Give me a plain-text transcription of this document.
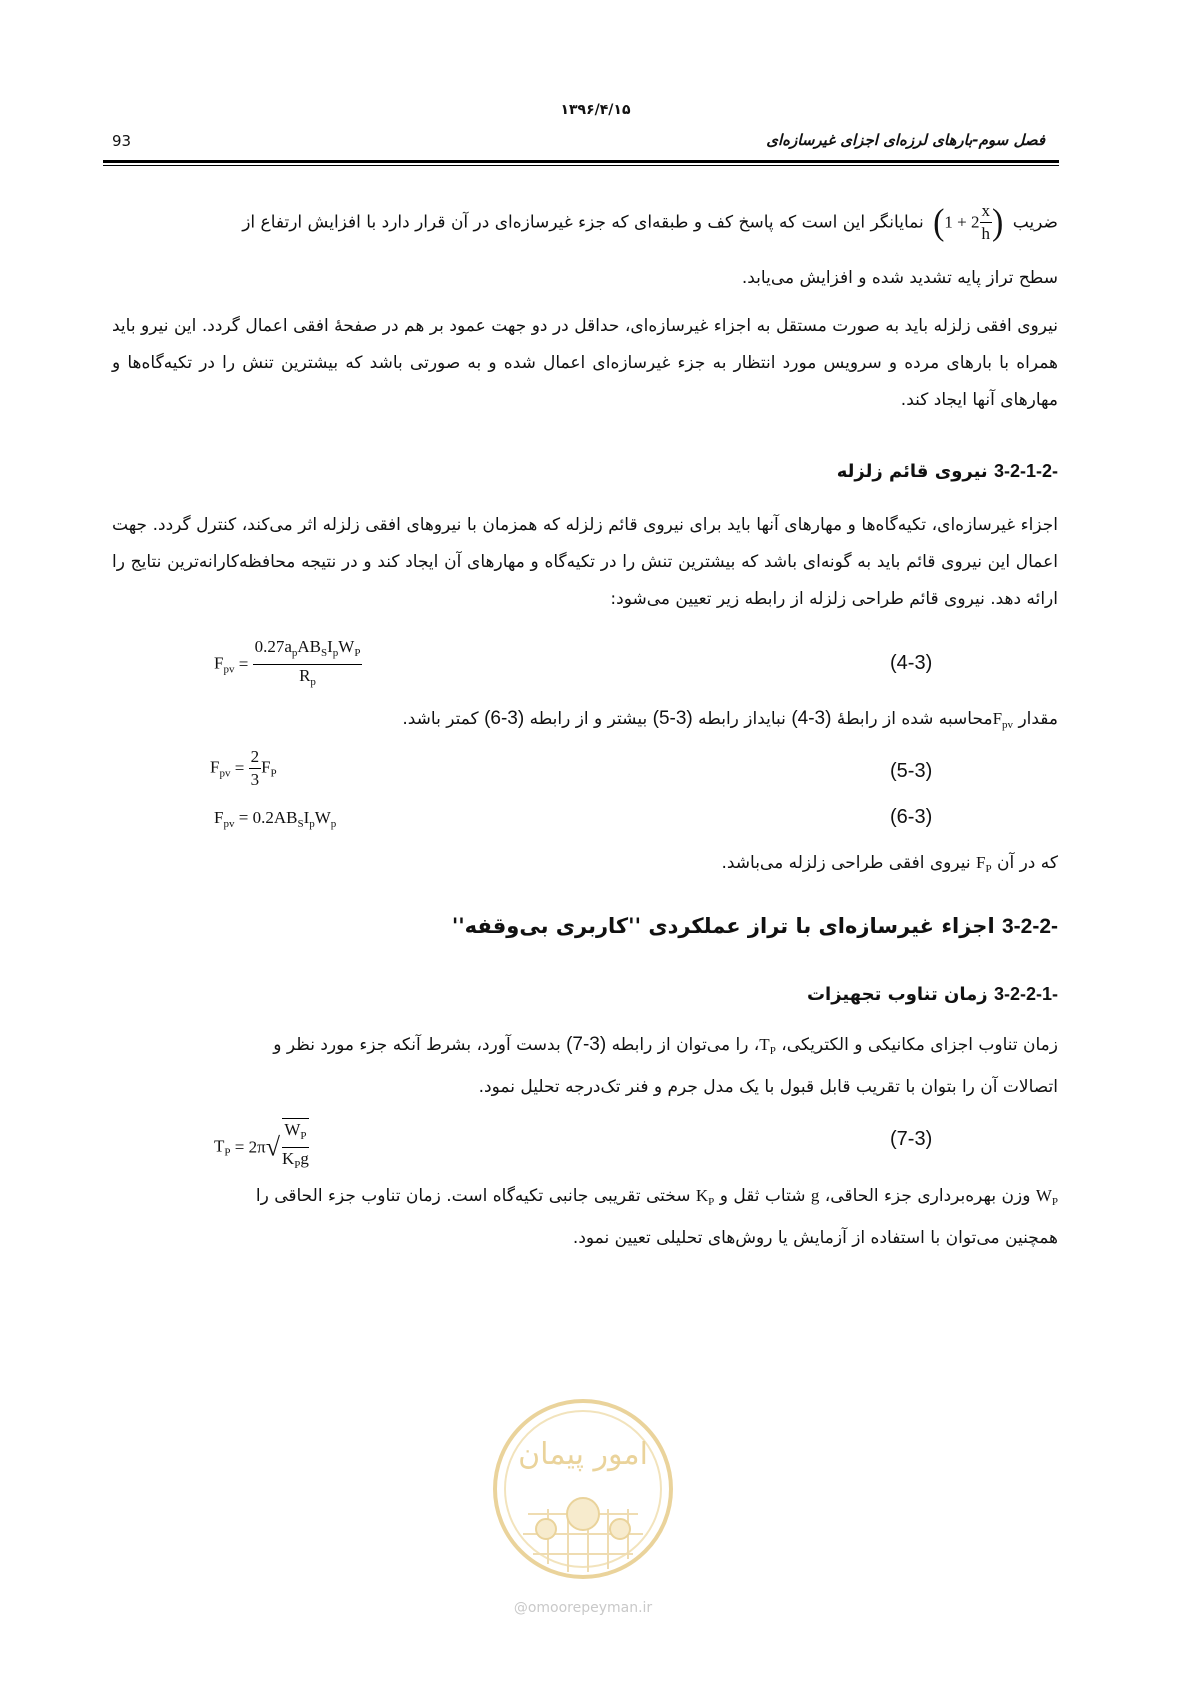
۱۳۹۶/۴/۱۵
93	فصل سوم-بارهای لرزه‌ای اجزای غیرسازه‌ای
ضریب ($1 + 2 \frac{x}{h}$ ) نمایانگر این است که پاسخ کف و طبقه‌ای که جزء غیرسازه‌ای در آن قرار دارد با افزایش ارتفاع از
سطح تراز پایه تشدید شده و افزایش می‌یابد.

نیروی افقی زلزله باید به صورت مستقل به اجزاء غیرسازه‌ای، حداقل در دو جهت عمود بر هم در صفحهٔ افقی اعمال گردد. این نیرو باید همراه با بارهای مرده و سرویس مورد انتظار به جزء غیرسازه‌ای اعمال شده و به صورتی باشد که بیشترین تنش را در تکیه‌گاه‌ها و مهارهای آنها ایجاد کند.

3-2-1-2- نیروی قائم زلزله

اجزاء غیرسازه‌ای، تکیه‌گاه‌ها و مهارهای آنها باید برای نیروی قائم زلزله که همزمان با نیروهای افقی زلزله اثر می‌کند، کنترل گردد. جهت اعمال این نیروی قائم باید به گونه‌ای باشد که بیشترین تنش را در تکیه‌گاه و مهارهای آن ایجاد کند و در نتیجه محافظه‌کارانه‌ترین نتایج را ارائه دهد. نیروی قائم طراحی زلزله از رابطه زیر تعیین می‌شود:

$F_{pv} = \frac{0.27a_pAB_SI_pW_P}{R_p}$	(4-3)
مقدار $F_{pv}محاسبه$ شده از رابطهٔ (4-3) نبایداز رابطه (5-3) بیشتر و از رابطه (6-3) کمتر باشد.
$F_{pv} = \frac{2}{3} F_P$	(5-3)
$F_{pv} = 0.2AB_SI_pW_p$	(6-3)
که در آن $F_P$ نیروی افقی طراحی زلزله می‌باشد.
3-2-2- اجزاء غیرسازه‌ای با تراز عملکردی ''کاربری بی‌وقفه''
3-2-2-1- زمان تناوب تجهیزات
زمان تناوب اجزای مکانیکی و الکتریکی، $T_P،$ را می‌توان از رابطه (7-3) بدست آورد، بشرط آنکه جزء مورد نظر و
اتصالات آن را بتوان با تقریب قابل قبول با یک مدل جرم و فنر تک‌درجه تحلیل نمود.
$T_P = 2\pi√ \frac{W_P}{K_Pg}$	(7-3)
$W_P$ وزن بهره‌برداری جزء الحاقی، g شتاب ثقل و $K_P$ سختی تقریبی جانبی تکیه‌گاه است. زمان تناوب جزء الحاقی را
همچنین می‌توان با استفاده از آزمایش یا روش‌های تحلیلی تعیین نمود.
امور پیمان
@omoorepeyman.ir
